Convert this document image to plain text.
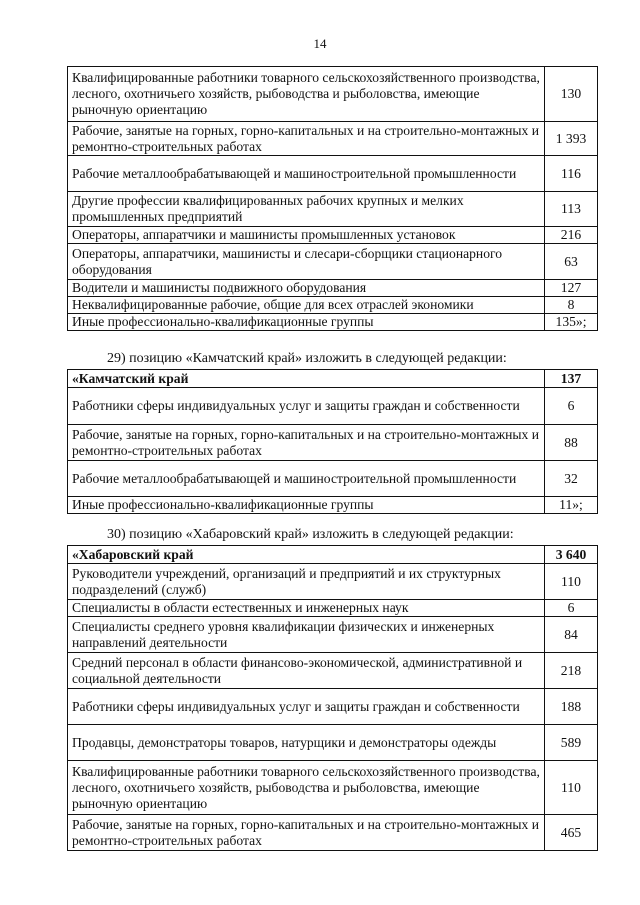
14
Квалифицированные работники товарного сельскохозяйственного производства, лесного, охотничьего хозяйств, рыбоводства и рыболовства, имеющие рыночную ориентацию	130
Рабочие, занятые на горных, горно-капитальных и на строительно-монтажных и ремонтно-строительных работах	1 393
Рабочие металлообрабатывающей и машиностроительной промышленности	116
Другие профессии квалифицированных рабочих крупных и мелких промышленных предприятий	113
Операторы, аппаратчики и машинисты промышленных установок	216
Операторы, аппаратчики, машинисты и слесари-сборщики стационарного оборудования	63
Водители и машинисты подвижного оборудования	127
Неквалифицированные рабочие, общие для всех отраслей экономики	8
Иные профессионально-квалификационные группы	135»;
29) позицию «Камчатский край» изложить в следующей редакции:
«Камчатский край	137
Работники сферы индивидуальных услуг и защиты граждан и собственности	6
Рабочие, занятые на горных, горно-капитальных и на строительно-монтажных и ремонтно-строительных работах	88
Рабочие металлообрабатывающей и машиностроительной промышленности	32
Иные профессионально-квалификационные группы	11»;
30) позицию «Хабаровский край» изложить в следующей редакции:
«Хабаровский край	3 640
Руководители учреждений, организаций и предприятий и их структурных подразделений (служб)	110
Специалисты в области естественных и инженерных наук	6
Специалисты среднего уровня квалификации физических и инженерных направлений деятельности	84
Средний персонал в области финансово-экономической, административной и социальной деятельности	218
Работники сферы индивидуальных услуг и защиты граждан и собственности	188
Продавцы, демонстраторы товаров, натурщики и демонстраторы одежды	589
Квалифицированные работники товарного сельскохозяйственного производства, лесного, охотничьего хозяйств, рыбоводства и рыболовства, имеющие рыночную ориентацию	110
Рабочие, занятые на горных, горно-капитальных и на строительно-монтажных и ремонтно-строительных работах	465
